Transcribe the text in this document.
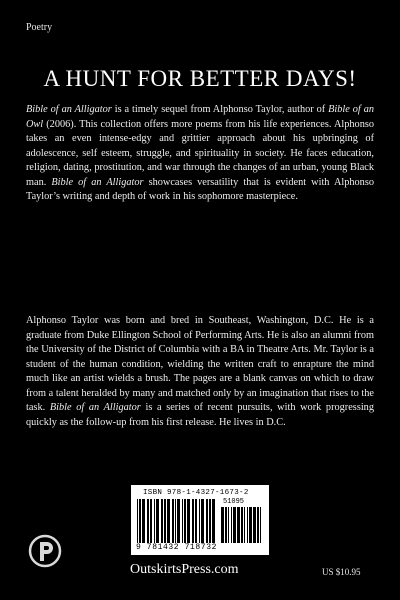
Poetry
A HUNT FOR BETTER DAYS!
Bible of an Alligator is a timely sequel from Alphonso Taylor, author of Bible of an Owl (2006). This collection offers more poems from his life experiences. Alphonso takes an even intense-edgy and grittier approach about his upbringing of adolescence, self esteem, struggle, and spirituality in society. He faces education, religion, dating, prostitution, and war through the changes of an urban, young Black man. Bible of an Alligator showcases versatility that is evident with Alphonso Taylor’s writing and depth of work in his sophomore masterpiece.
Alphonso Taylor was born and bred in Southeast, Washington, D.C. He is a graduate from Duke Ellington School of Performing Arts. He is also an alumni from the University of the District of Columbia with a BA in Theatre Arts. Mr. Taylor is a student of the human condition, wielding the written craft to enrapture the mind much like an artist wields a brush. The pages are a blank canvas on which to draw from a talent heralded by many and matched only by an imagination that rises to the task. Bible of an Alligator is a series of recent pursuits, with work progressing quickly as the follow-up from his first release. He lives in D.C.
ISBN 978-1-4327-1673-2
51095
9 781432 718732
OutskirtsPress.com	US $10.95
